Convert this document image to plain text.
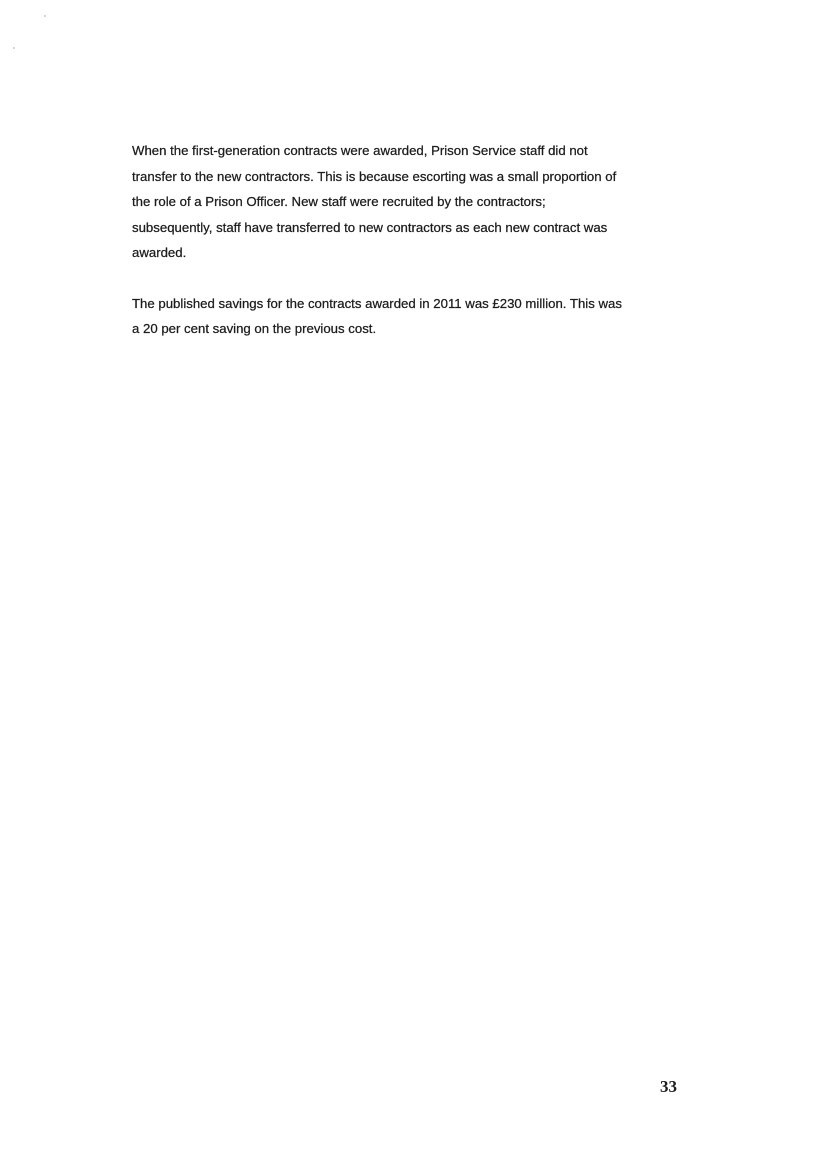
When the first-generation contracts were awarded, Prison Service staff did not
transfer to the new contractors. This is because escorting was a small proportion of
the role of a Prison Officer. New staff were recruited by the contractors;
subsequently, staff have transferred to new contractors as each new contract was
awarded.

The published savings for the contracts awarded in 2011 was £230 million. This was
a 20 per cent saving on the previous cost.

33
